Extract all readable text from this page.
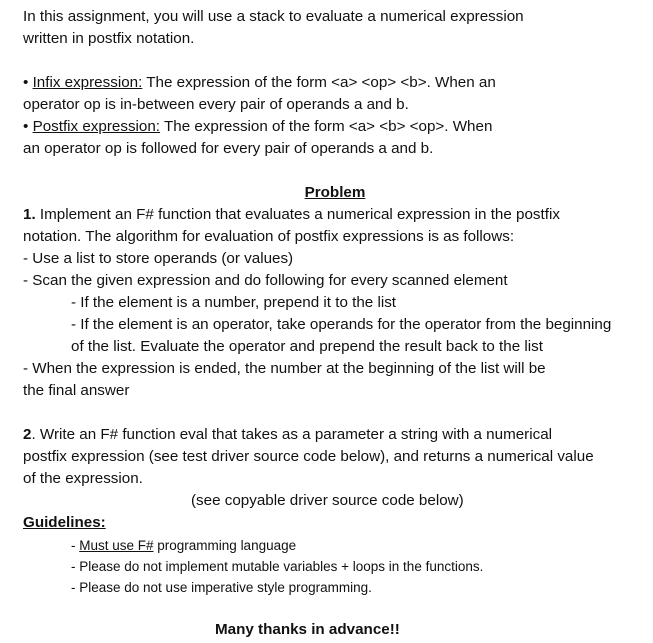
In this assignment, you will use a stack to evaluate a numerical expression
written in postfix notation.
• Infix expression: The expression of the form <a> <op> <b>. When an
operator op is in-between every pair of operands a and b.
• Postfix expression: The expression of the form <a> <b> <op>. When
an operator op is followed for every pair of operands a and b.
Problem
1. Implement an F# function that evaluates a numerical expression in the postfix
notation. The algorithm for evaluation of postfix expressions is as follows:
- Use a list to store operands (or values)
- Scan the given expression and do following for every scanned element
- If the element is a number, prepend it to the list
- If the element is an operator, take operands for the operator from the beginning
of the list. Evaluate the operator and prepend the result back to the list
- When the expression is ended, the number at the beginning of the list will be
the final answer
2. Write an F# function eval that takes as a parameter a string with a numerical
postfix expression (see test driver source code below), and returns a numerical value
of the expression.
(see copyable driver source code below)
Guidelines:
- Must use F# programming language
- Please do not implement mutable variables + loops in the functions.
- Please do not use imperative style programming.
Many thanks in advance!!
